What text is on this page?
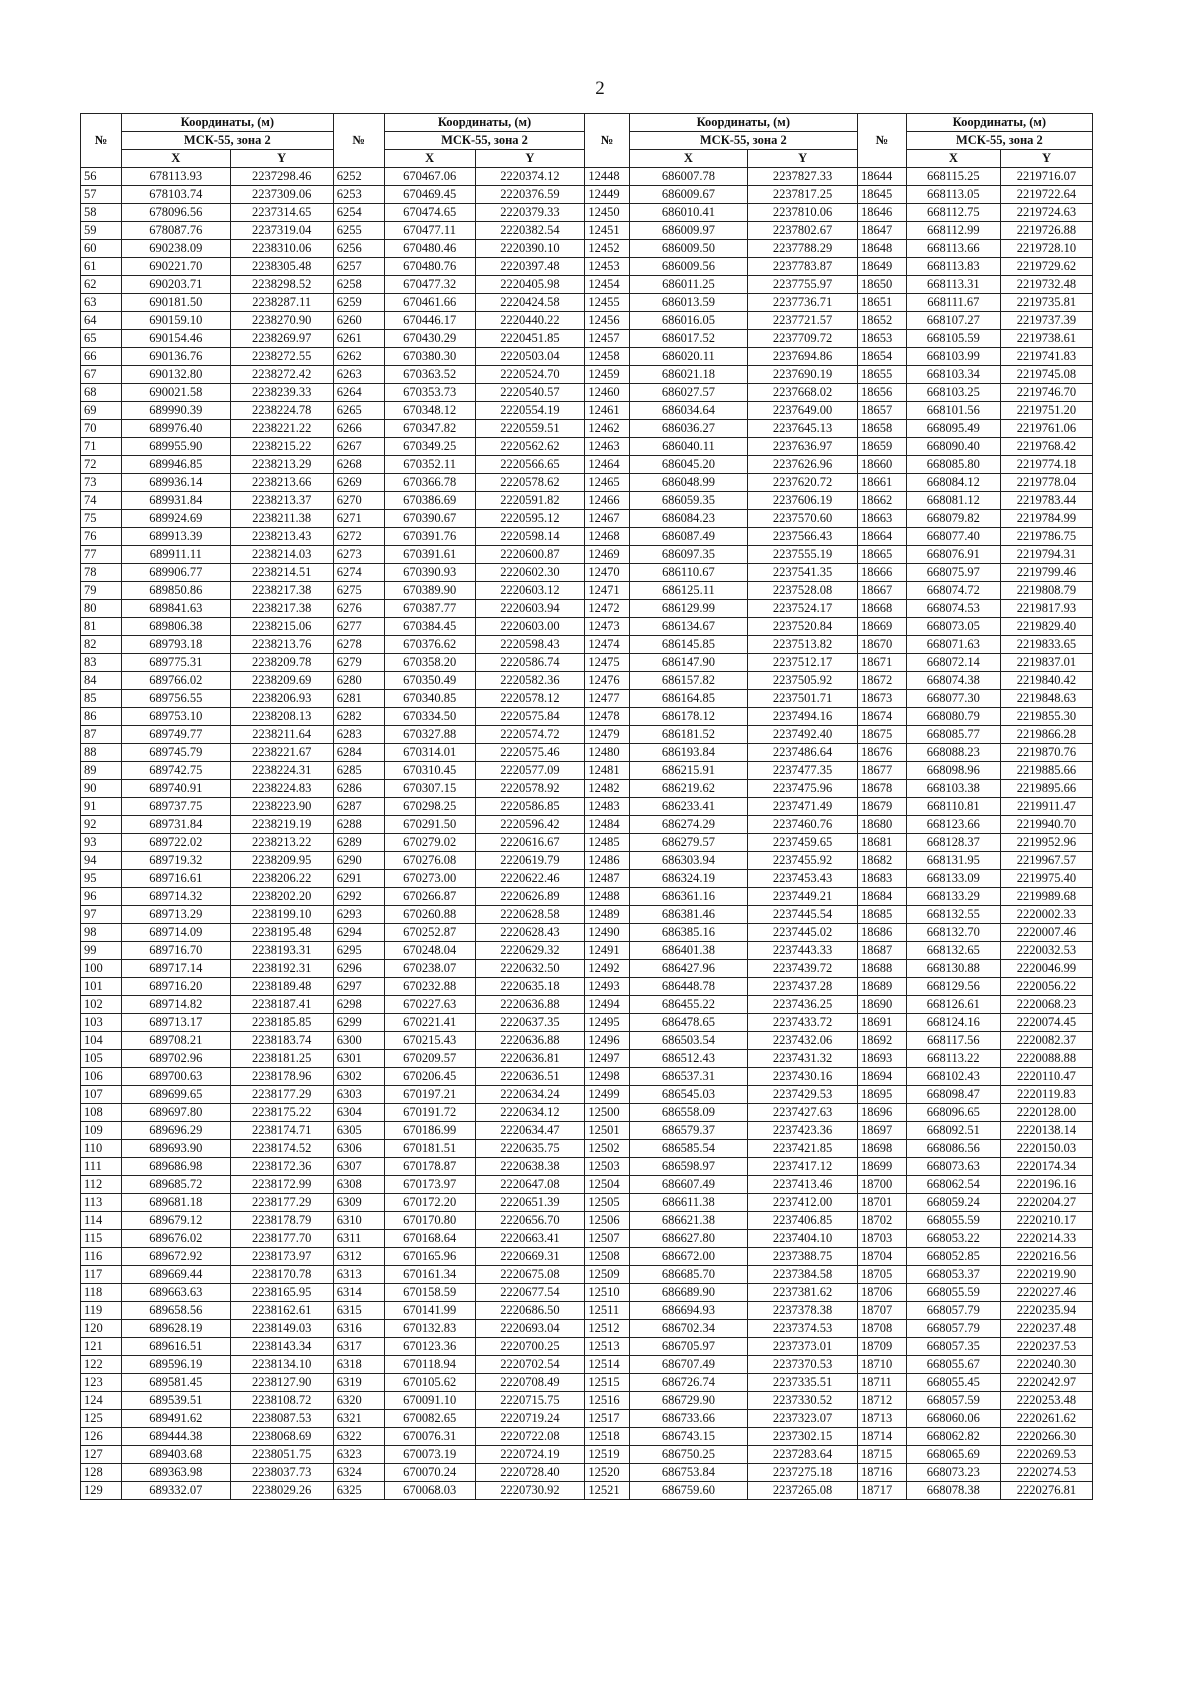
2
№	Координаты, (м)		№	Координаты, (м)		№	Координаты, (м)		№	Координаты, (м)	
	МСК-55, зона 2			МСК-55, зона 2			МСК-55, зона 2			МСК-55, зона 2	
	X	Y		X	Y		X	Y		X	Y
56	678113.93	2237298.46	6252	670467.06	2220374.12	12448	686007.78	2237827.33	18644	668115.25	2219716.07
57	678103.74	2237309.06	6253	670469.45	2220376.59	12449	686009.67	2237817.25	18645	668113.05	2219722.64
58	678096.56	2237314.65	6254	670474.65	2220379.33	12450	686010.41	2237810.06	18646	668112.75	2219724.63
59	678087.76	2237319.04	6255	670477.11	2220382.54	12451	686009.97	2237802.67	18647	668112.99	2219726.88
60	690238.09	2238310.06	6256	670480.46	2220390.10	12452	686009.50	2237788.29	18648	668113.66	2219728.10
61	690221.70	2238305.48	6257	670480.76	2220397.48	12453	686009.56	2237783.87	18649	668113.83	2219729.62
62	690203.71	2238298.52	6258	670477.32	2220405.98	12454	686011.25	2237755.97	18650	668113.31	2219732.48
63	690181.50	2238287.11	6259	670461.66	2220424.58	12455	686013.59	2237736.71	18651	668111.67	2219735.81
64	690159.10	2238270.90	6260	670446.17	2220440.22	12456	686016.05	2237721.57	18652	668107.27	2219737.39
65	690154.46	2238269.97	6261	670430.29	2220451.85	12457	686017.52	2237709.72	18653	668105.59	2219738.61
66	690136.76	2238272.55	6262	670380.30	2220503.04	12458	686020.11	2237694.86	18654	668103.99	2219741.83
67	690132.80	2238272.42	6263	670363.52	2220524.70	12459	686021.18	2237690.19	18655	668103.34	2219745.08
68	690021.58	2238239.33	6264	670353.73	2220540.57	12460	686027.57	2237668.02	18656	668103.25	2219746.70
69	689990.39	2238224.78	6265	670348.12	2220554.19	12461	686034.64	2237649.00	18657	668101.56	2219751.20
70	689976.40	2238221.22	6266	670347.82	2220559.51	12462	686036.27	2237645.13	18658	668095.49	2219761.06
71	689955.90	2238215.22	6267	670349.25	2220562.62	12463	686040.11	2237636.97	18659	668090.40	2219768.42
72	689946.85	2238213.29	6268	670352.11	2220566.65	12464	686045.20	2237626.96	18660	668085.80	2219774.18
73	689936.14	2238213.66	6269	670366.78	2220578.62	12465	686048.99	2237620.72	18661	668084.12	2219778.04
74	689931.84	2238213.37	6270	670386.69	2220591.82	12466	686059.35	2237606.19	18662	668081.12	2219783.44
75	689924.69	2238211.38	6271	670390.67	2220595.12	12467	686084.23	2237570.60	18663	668079.82	2219784.99
76	689913.39	2238213.43	6272	670391.76	2220598.14	12468	686087.49	2237566.43	18664	668077.40	2219786.75
77	689911.11	2238214.03	6273	670391.61	2220600.87	12469	686097.35	2237555.19	18665	668076.91	2219794.31
78	689906.77	2238214.51	6274	670390.93	2220602.30	12470	686110.67	2237541.35	18666	668075.97	2219799.46
79	689850.86	2238217.38	6275	670389.90	2220603.12	12471	686125.11	2237528.08	18667	668074.72	2219808.79
80	689841.63	2238217.38	6276	670387.77	2220603.94	12472	686129.99	2237524.17	18668	668074.53	2219817.93
81	689806.38	2238215.06	6277	670384.45	2220603.00	12473	686134.67	2237520.84	18669	668073.05	2219829.40
82	689793.18	2238213.76	6278	670376.62	2220598.43	12474	686145.85	2237513.82	18670	668071.63	2219833.65
83	689775.31	2238209.78	6279	670358.20	2220586.74	12475	686147.90	2237512.17	18671	668072.14	2219837.01
84	689766.02	2238209.69	6280	670350.49	2220582.36	12476	686157.82	2237505.92	18672	668074.38	2219840.42
85	689756.55	2238206.93	6281	670340.85	2220578.12	12477	686164.85	2237501.71	18673	668077.30	2219848.63
86	689753.10	2238208.13	6282	670334.50	2220575.84	12478	686178.12	2237494.16	18674	668080.79	2219855.30
87	689749.77	2238211.64	6283	670327.88	2220574.72	12479	686181.52	2237492.40	18675	668085.77	2219866.28
88	689745.79	2238221.67	6284	670314.01	2220575.46	12480	686193.84	2237486.64	18676	668088.23	2219870.76
89	689742.75	2238224.31	6285	670310.45	2220577.09	12481	686215.91	2237477.35	18677	668098.96	2219885.66
90	689740.91	2238224.83	6286	670307.15	2220578.92	12482	686219.62	2237475.96	18678	668103.38	2219895.66
91	689737.75	2238223.90	6287	670298.25	2220586.85	12483	686233.41	2237471.49	18679	668110.81	2219911.47
92	689731.84	2238219.19	6288	670291.50	2220596.42	12484	686274.29	2237460.76	18680	668123.66	2219940.70
93	689722.02	2238213.22	6289	670279.02	2220616.67	12485	686279.57	2237459.65	18681	668128.37	2219952.96
94	689719.32	2238209.95	6290	670276.08	2220619.79	12486	686303.94	2237455.92	18682	668131.95	2219967.57
95	689716.61	2238206.22	6291	670273.00	2220622.46	12487	686324.19	2237453.43	18683	668133.09	2219975.40
96	689714.32	2238202.20	6292	670266.87	2220626.89	12488	686361.16	2237449.21	18684	668133.29	2219989.68
97	689713.29	2238199.10	6293	670260.88	2220628.58	12489	686381.46	2237445.54	18685	668132.55	2220002.33
98	689714.09	2238195.48	6294	670252.87	2220628.43	12490	686385.16	2237445.02	18686	668132.70	2220007.46
99	689716.70	2238193.31	6295	670248.04	2220629.32	12491	686401.38	2237443.33	18687	668132.65	2220032.53
100	689717.14	2238192.31	6296	670238.07	2220632.50	12492	686427.96	2237439.72	18688	668130.88	2220046.99
101	689716.20	2238189.48	6297	670232.88	2220635.18	12493	686448.78	2237437.28	18689	668129.56	2220056.22
102	689714.82	2238187.41	6298	670227.63	2220636.88	12494	686455.22	2237436.25	18690	668126.61	2220068.23
103	689713.17	2238185.85	6299	670221.41	2220637.35	12495	686478.65	2237433.72	18691	668124.16	2220074.45
104	689708.21	2238183.74	6300	670215.43	2220636.88	12496	686503.54	2237432.06	18692	668117.56	2220082.37
105	689702.96	2238181.25	6301	670209.57	2220636.81	12497	686512.43	2237431.32	18693	668113.22	2220088.88
106	689700.63	2238178.96	6302	670206.45	2220636.51	12498	686537.31	2237430.16	18694	668102.43	2220110.47
107	689699.65	2238177.29	6303	670197.21	2220634.24	12499	686545.03	2237429.53	18695	668098.47	2220119.83
108	689697.80	2238175.22	6304	670191.72	2220634.12	12500	686558.09	2237427.63	18696	668096.65	2220128.00
109	689696.29	2238174.71	6305	670186.99	2220634.47	12501	686579.37	2237423.36	18697	668092.51	2220138.14
110	689693.90	2238174.52	6306	670181.51	2220635.75	12502	686585.54	2237421.85	18698	668086.56	2220150.03
111	689686.98	2238172.36	6307	670178.87	2220638.38	12503	686598.97	2237417.12	18699	668073.63	2220174.34
112	689685.72	2238172.99	6308	670173.97	2220647.08	12504	686607.49	2237413.46	18700	668062.54	2220196.16
113	689681.18	2238177.29	6309	670172.20	2220651.39	12505	686611.38	2237412.00	18701	668059.24	2220204.27
114	689679.12	2238178.79	6310	670170.80	2220656.70	12506	686621.38	2237406.85	18702	668055.59	2220210.17
115	689676.02	2238177.70	6311	670168.64	2220663.41	12507	686627.80	2237404.10	18703	668053.22	2220214.33
116	689672.92	2238173.97	6312	670165.96	2220669.31	12508	686672.00	2237388.75	18704	668052.85	2220216.56
117	689669.44	2238170.78	6313	670161.34	2220675.08	12509	686685.70	2237384.58	18705	668053.37	2220219.90
118	689663.63	2238165.95	6314	670158.59	2220677.54	12510	686689.90	2237381.62	18706	668055.59	2220227.46
119	689658.56	2238162.61	6315	670141.99	2220686.50	12511	686694.93	2237378.38	18707	668057.79	2220235.94
120	689628.19	2238149.03	6316	670132.83	2220693.04	12512	686702.34	2237374.53	18708	668057.79	2220237.48
121	689616.51	2238143.34	6317	670123.36	2220700.25	12513	686705.97	2237373.01	18709	668057.35	2220237.53
122	689596.19	2238134.10	6318	670118.94	2220702.54	12514	686707.49	2237370.53	18710	668055.67	2220240.30
123	689581.45	2238127.90	6319	670105.62	2220708.49	12515	686726.74	2237335.51	18711	668055.45	2220242.97
124	689539.51	2238108.72	6320	670091.10	2220715.75	12516	686729.90	2237330.52	18712	668057.59	2220253.48
125	689491.62	2238087.53	6321	670082.65	2220719.24	12517	686733.66	2237323.07	18713	668060.06	2220261.62
126	689444.38	2238068.69	6322	670076.31	2220722.08	12518	686743.15	2237302.15	18714	668062.82	2220266.30
127	689403.68	2238051.75	6323	670073.19	2220724.19	12519	686750.25	2237283.64	18715	668065.69	2220269.53
128	689363.98	2238037.73	6324	670070.24	2220728.40	12520	686753.84	2237275.18	18716	668073.23	2220274.53
129	689332.07	2238029.26	6325	670068.03	2220730.92	12521	686759.60	2237265.08	18717	668078.38	2220276.81
